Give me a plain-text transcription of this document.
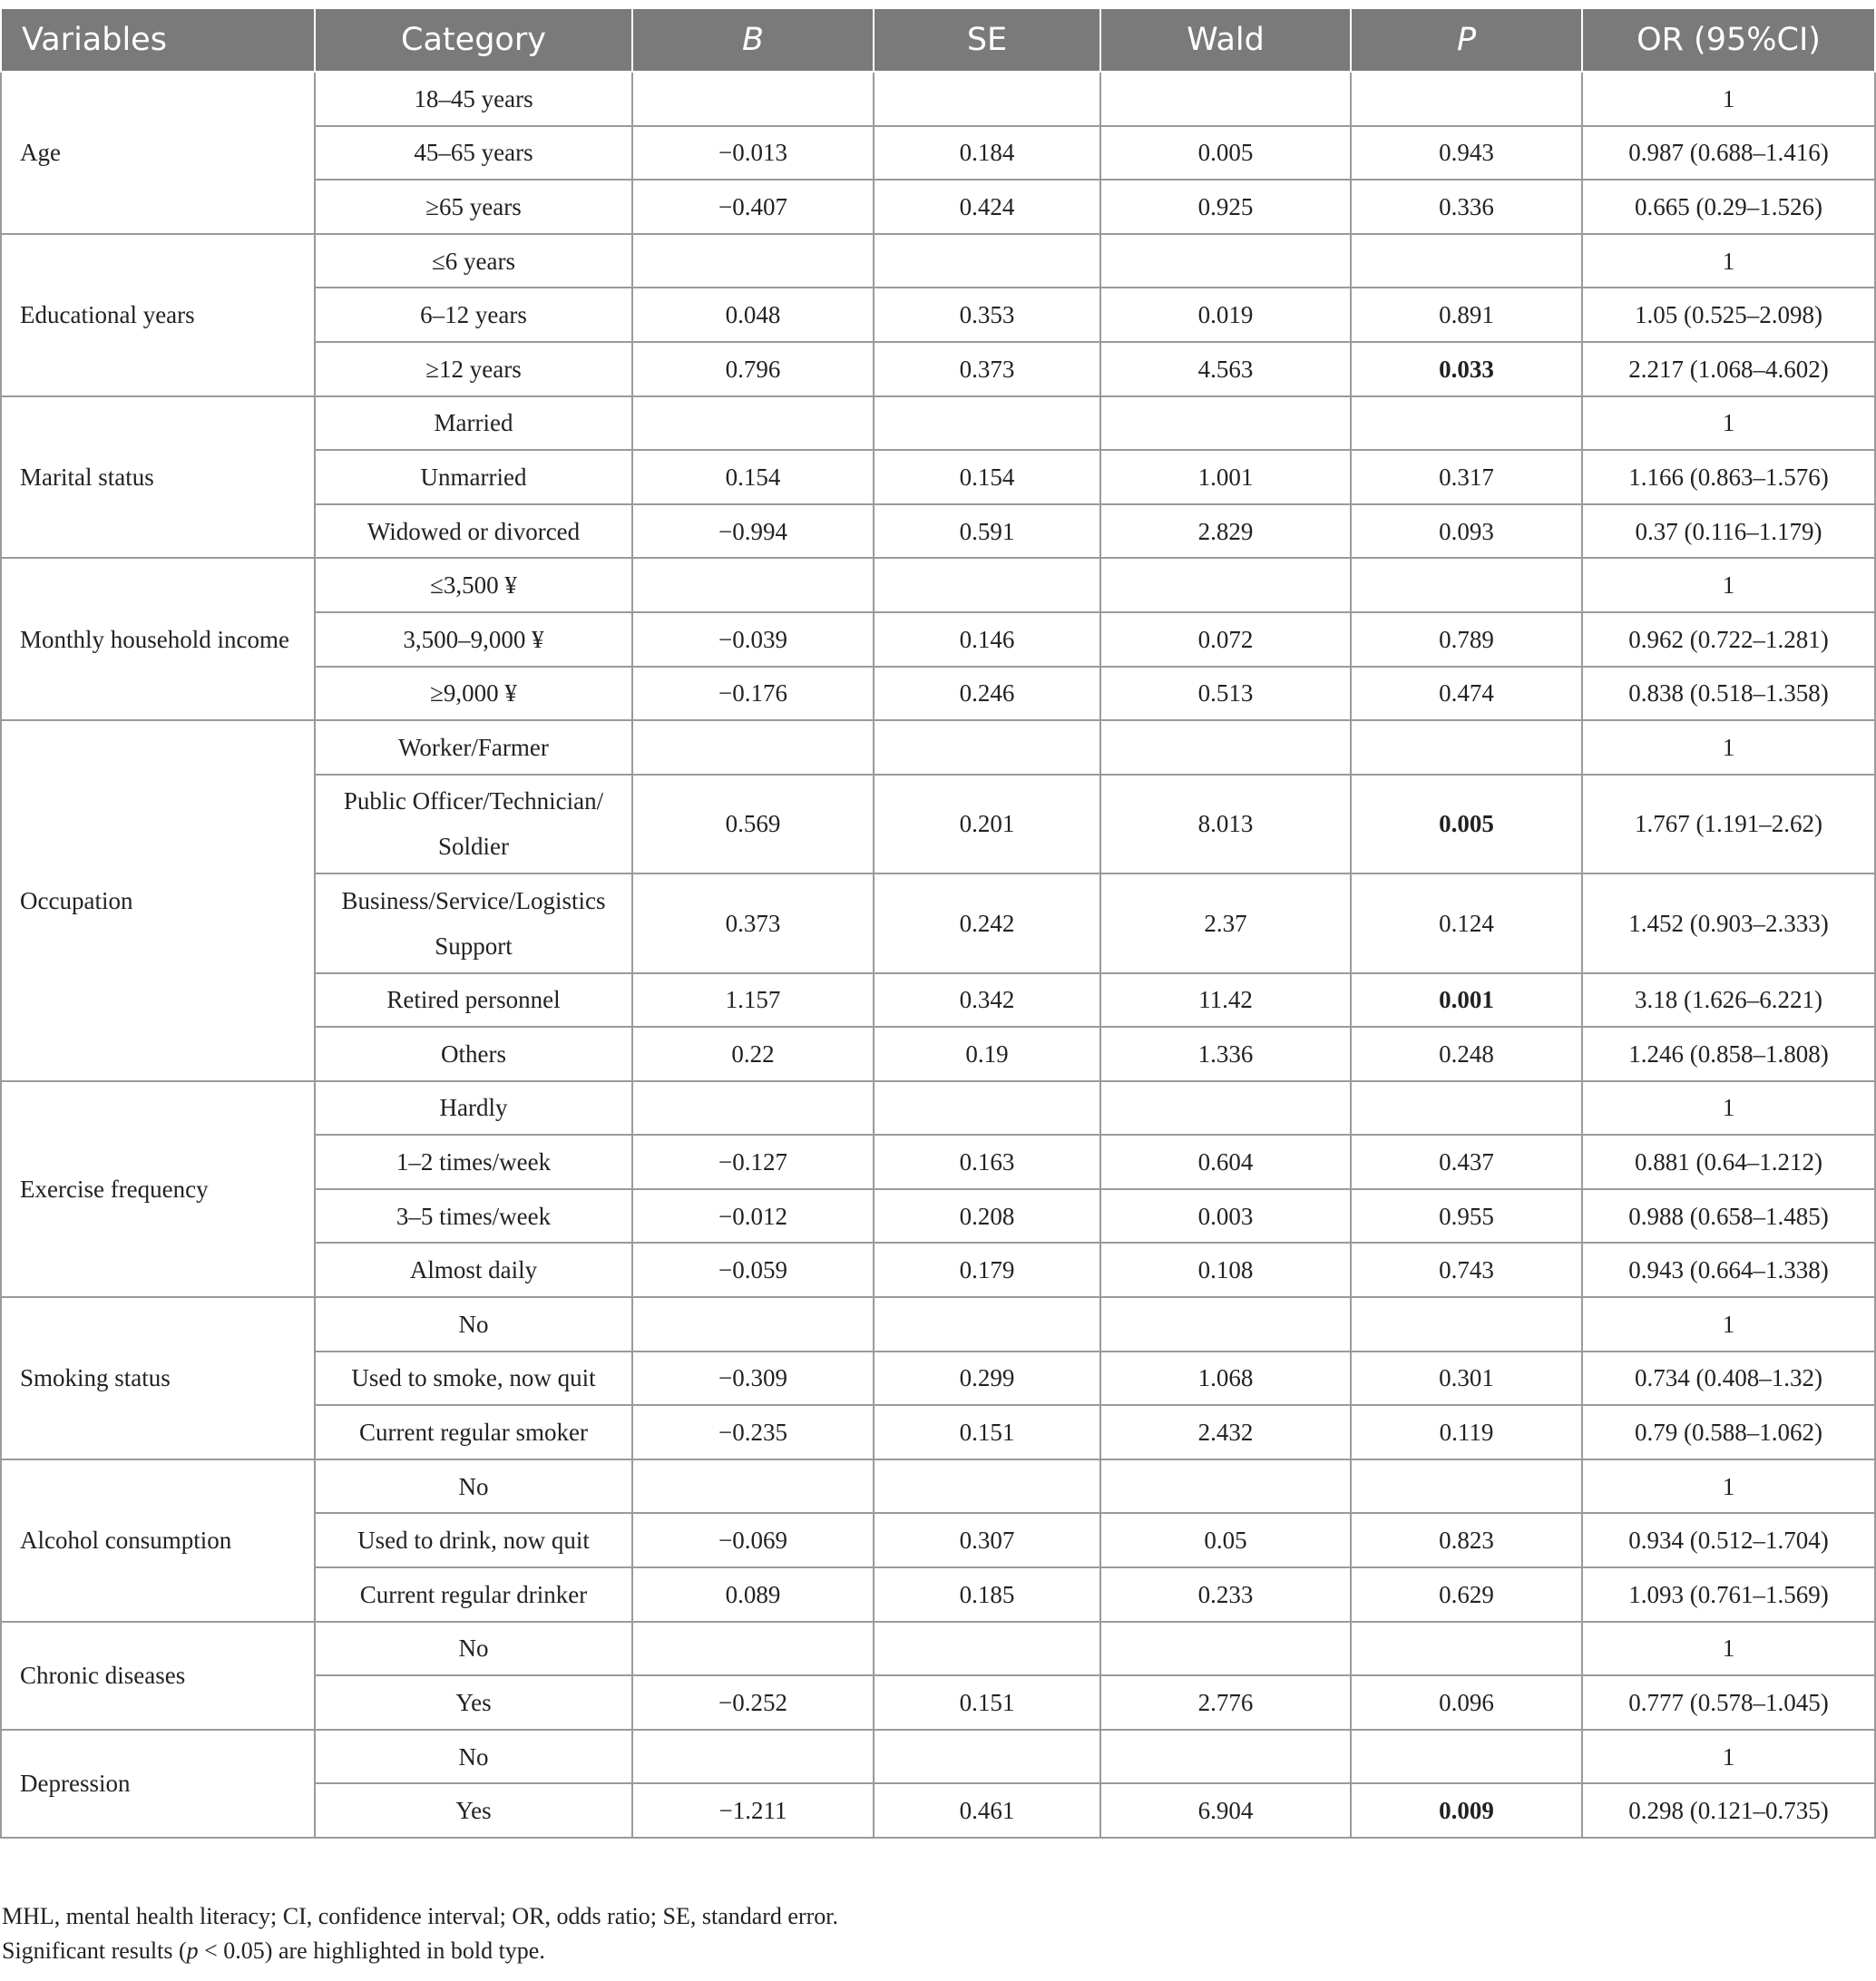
Variables	Category	B	SE	Wald	P	OR (95%CI)
Age	18–45 years					1
	45–65 years	−0.013	0.184	0.005	0.943	0.987 (0.688–1.416)
	≥65 years	−0.407	0.424	0.925	0.336	0.665 (0.29–1.526)
Educational years	≤6 years					1
	6–12 years	0.048	0.353	0.019	0.891	1.05 (0.525–2.098)
	≥12 years	0.796	0.373	4.563	0.033	2.217 (1.068–4.602)
Marital status	Married					1
	Unmarried	0.154	0.154	1.001	0.317	1.166 (0.863–1.576)
	Widowed or divorced	−0.994	0.591	2.829	0.093	0.37 (0.116–1.179)
Monthly household income	≤3,500 ¥					1
	3,500–9,000 ¥	−0.039	0.146	0.072	0.789	0.962 (0.722–1.281)
	≥9,000 ¥	−0.176	0.246	0.513	0.474	0.838 (0.518–1.358)
Occupation	Worker/Farmer					1
	Public Officer/Technician/ Soldier	0.569	0.201	8.013	0.005	1.767 (1.191–2.62)
	Business/Service/Logistics Support	0.373	0.242	2.37	0.124	1.452 (0.903–2.333)
	Retired personnel	1.157	0.342	11.42	0.001	3.18 (1.626–6.221)
	Others	0.22	0.19	1.336	0.248	1.246 (0.858–1.808)
Exercise frequency	Hardly					1
	1–2 times/week	−0.127	0.163	0.604	0.437	0.881 (0.64–1.212)
	3–5 times/week	−0.012	0.208	0.003	0.955	0.988 (0.658–1.485)
	Almost daily	−0.059	0.179	0.108	0.743	0.943 (0.664–1.338)
Smoking status	No					1
	Used to smoke, now quit	−0.309	0.299	1.068	0.301	0.734 (0.408–1.32)
	Current regular smoker	−0.235	0.151	2.432	0.119	0.79 (0.588–1.062)
Alcohol consumption	No					1
	Used to drink, now quit	−0.069	0.307	0.05	0.823	0.934 (0.512–1.704)
	Current regular drinker	0.089	0.185	0.233	0.629	1.093 (0.761–1.569)
Chronic diseases	No					1
	Yes	−0.252	0.151	2.776	0.096	0.777 (0.578–1.045)
Depression	No					1
	Yes	−1.211	0.461	6.904	0.009	0.298 (0.121–0.735)

MHL, mental health literacy; CI, confidence interval; OR, odds ratio; SE, standard error.

Significant results (p < 0.05) are highlighted in bold type.
